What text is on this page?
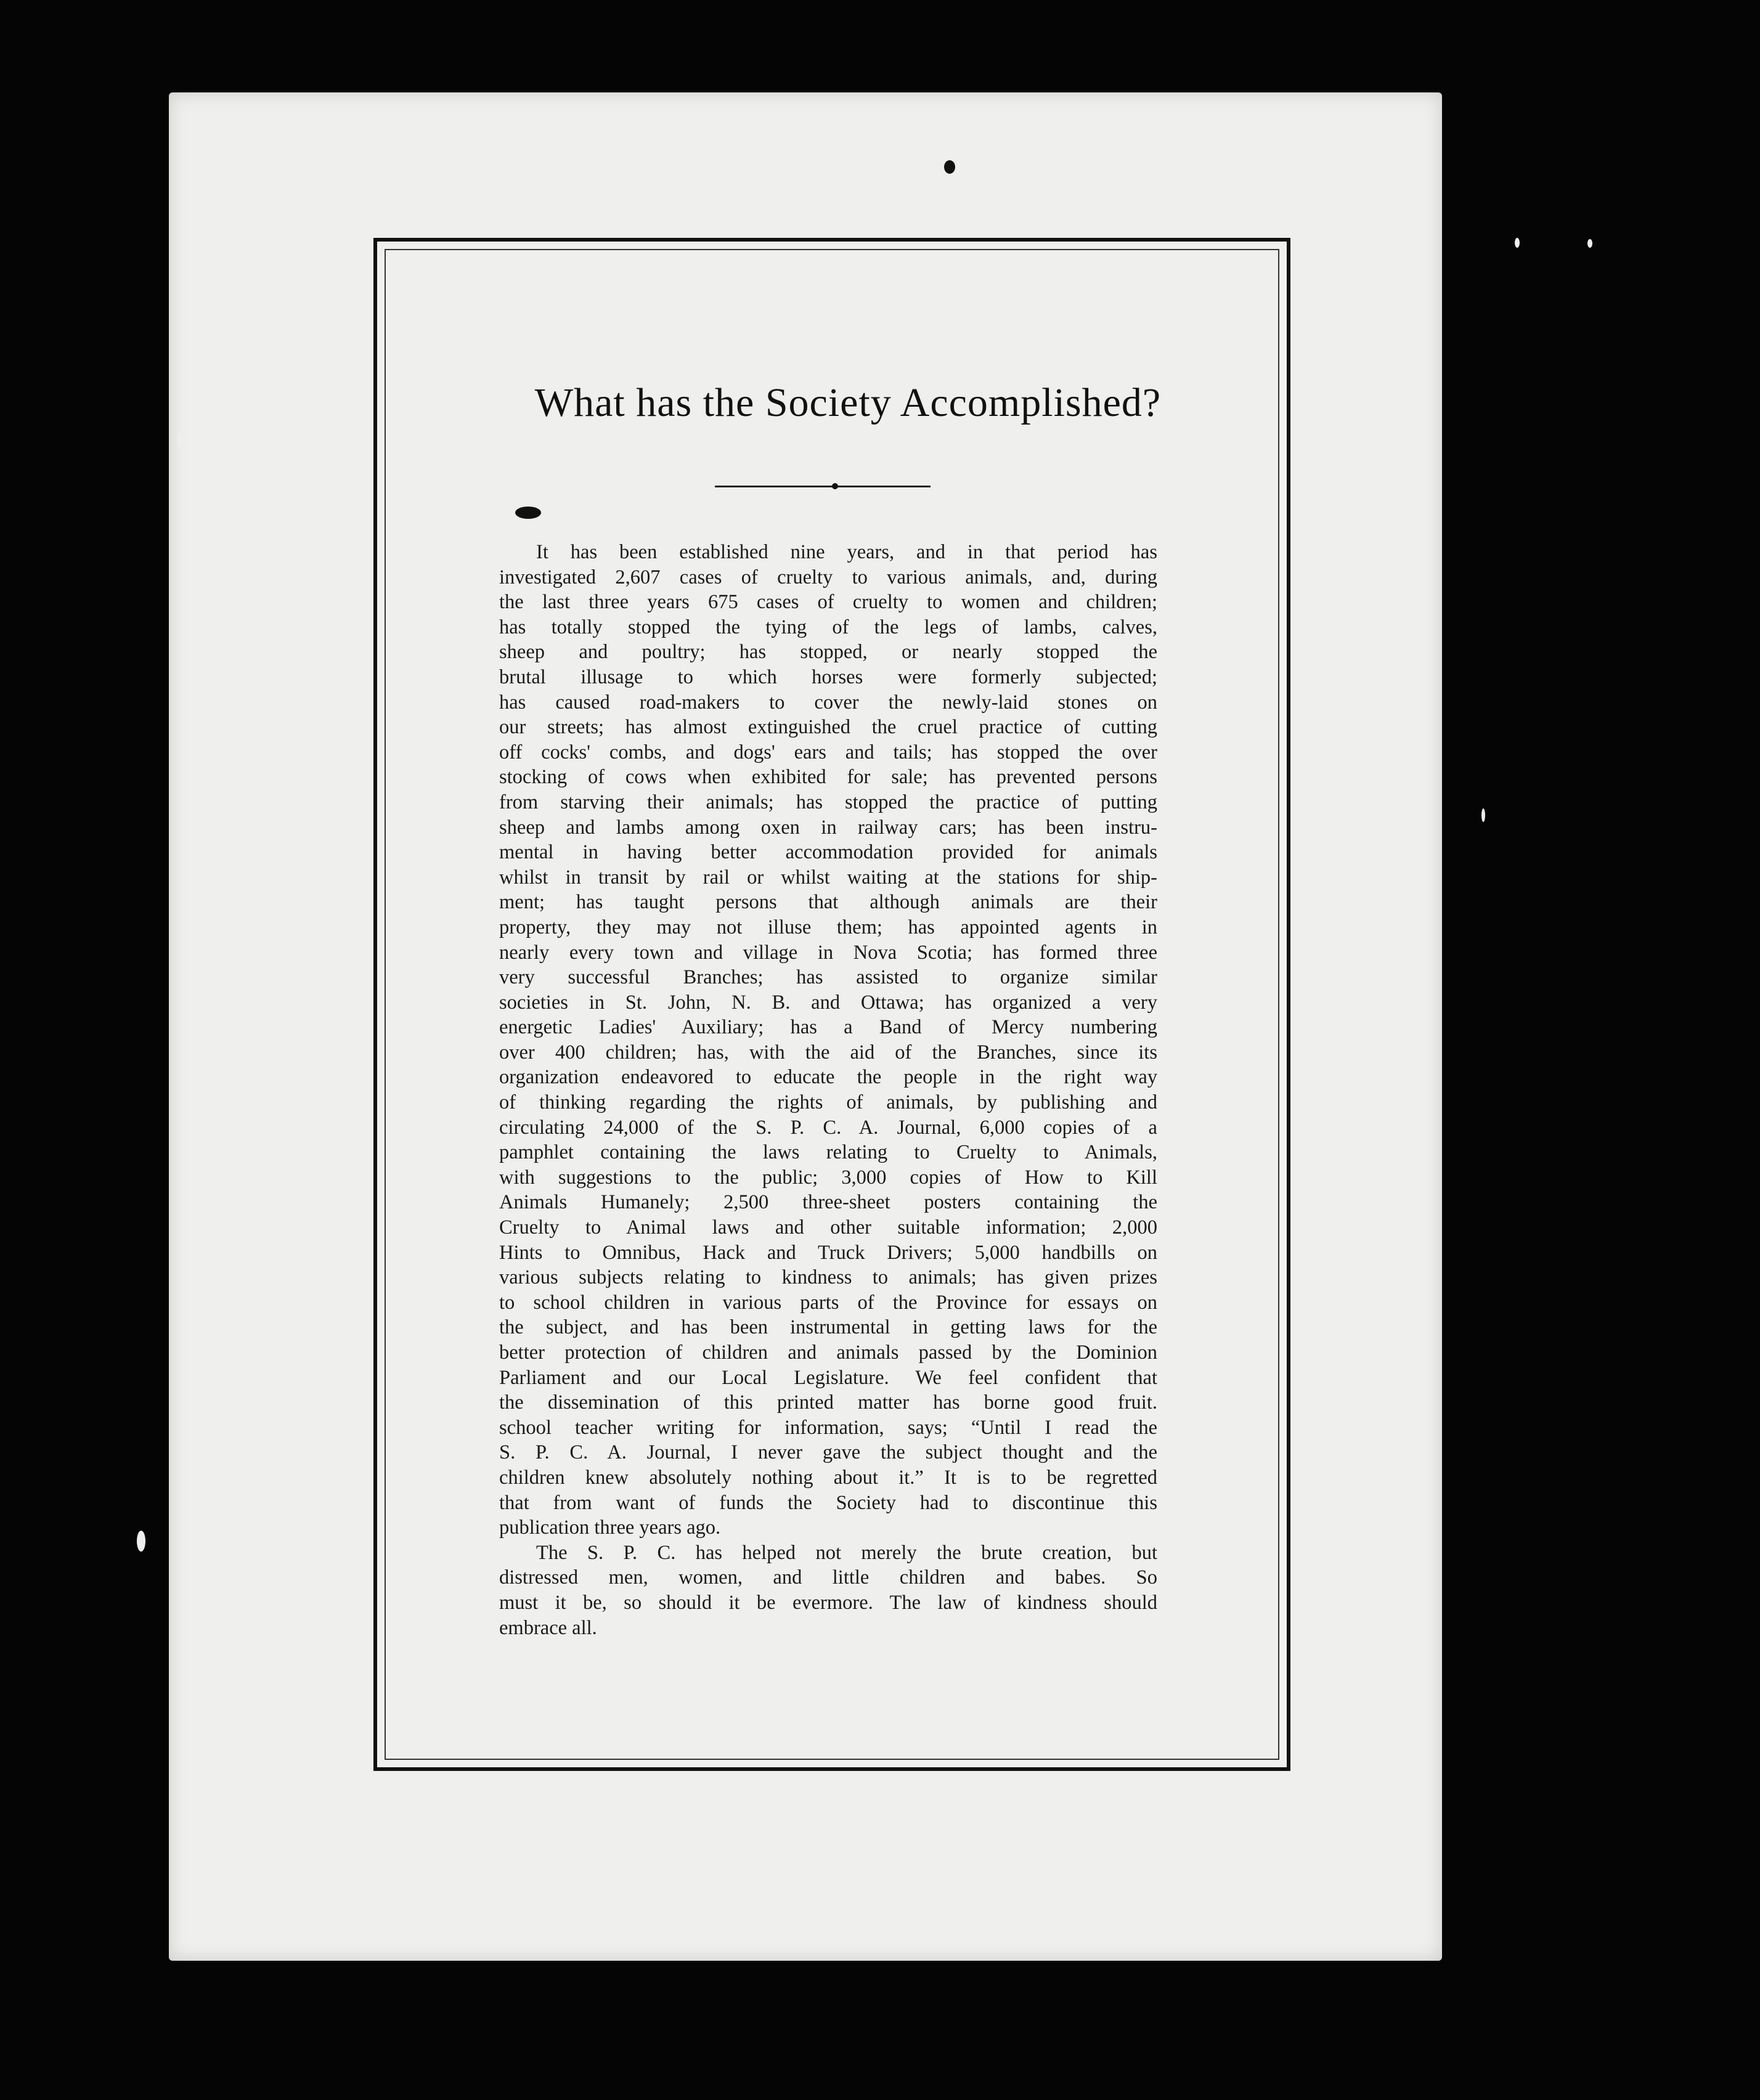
What has the Society Accomplished?
It has been established nine years, and in that period has
investigated 2,607 cases of cruelty to various animals, and, during
the last three years 675 cases of cruelty to women and children;
has totally stopped the tying of the legs of lambs, calves,
sheep and poultry; has stopped, or nearly stopped the
brutal illusage to which horses were formerly subjected;
has caused road-makers to cover the newly-laid stones on
our streets; has almost extinguished the cruel practice of cutting
off cocks' combs, and dogs' ears and tails; has stopped the over
stocking of cows when exhibited for sale; has prevented persons
from starving their animals; has stopped the practice of putting
sheep and lambs among oxen in railway cars; has been instru-
mental in having better accommodation provided for animals
whilst in transit by rail or whilst waiting at the stations for ship-
ment; has taught persons that although animals are their
property, they may not illuse them; has appointed agents in
nearly every town and village in Nova Scotia; has formed three
very successful Branches; has assisted to organize similar
societies in St. John, N. B. and Ottawa; has organized a very
energetic Ladies' Auxiliary; has a Band of Mercy numbering
over 400 children; has, with the aid of the Branches, since its
organization endeavored to educate the people in the right way
of thinking regarding the rights of animals, by publishing and
circulating 24,000 of the S. P. C. A. Journal, 6,000 copies of a
pamphlet containing the laws relating to Cruelty to Animals,
with suggestions to the public; 3,000 copies of How to Kill
Animals Humanely; 2,500 three-sheet posters containing the
Cruelty to Animal laws and other suitable information; 2,000
Hints to Omnibus, Hack and Truck Drivers; 5,000 handbills on
various subjects relating to kindness to animals; has given prizes
to school children in various parts of the Province for essays on
the subject, and has been instrumental in getting laws for the
better protection of children and animals passed by the Dominion
Parliament and our Local Legislature. We feel confident that
the dissemination of this printed matter has borne good fruit.
school teacher writing for information, says; “Until I read the
S. P. C. A. Journal, I never gave the subject thought and the
children knew absolutely nothing about it.” It is to be regretted
that from want of funds the Society had to discontinue this
publication three years ago.
The S. P. C. has helped not merely the brute creation, but
distressed men, women, and little children and babes. So
must it be, so should it be evermore. The law of kindness should
embrace all.
